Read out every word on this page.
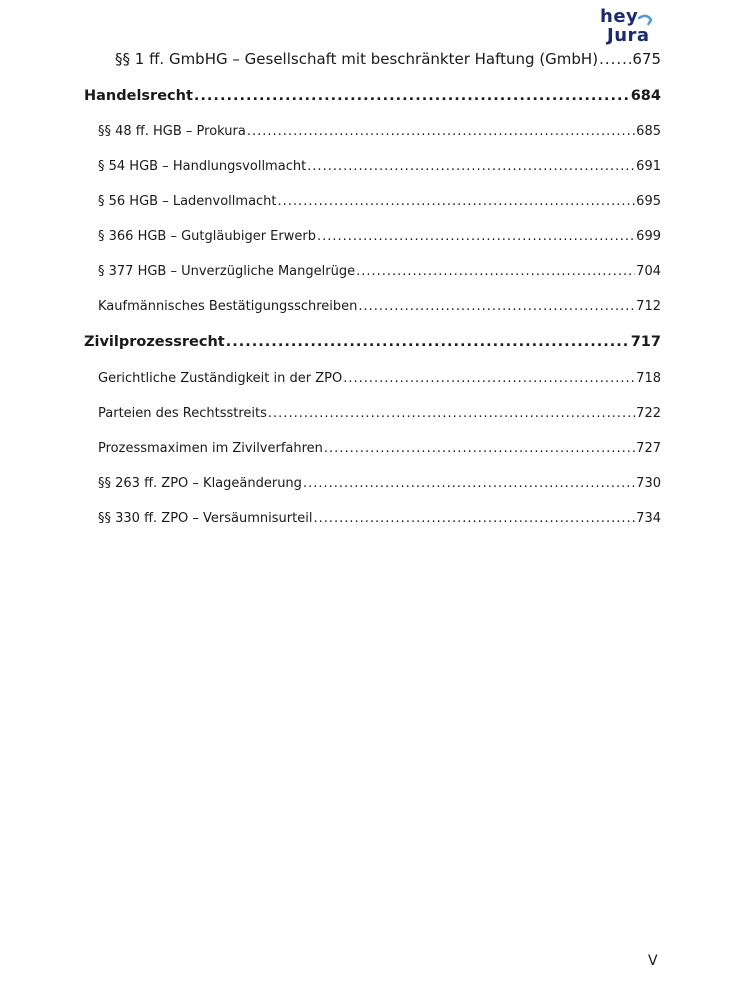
hey
Jura
§§ 1 ff. GmbHG – Gesellschaft mit beschränkter Haftung (GmbH) ..... 675
Handelsrecht .....	684
§§ 48 ff. HGB – Prokura .....	685
§ 54 HGB – Handlungsvollmacht .....	691
§ 56 HGB – Ladenvollmacht .....	695
§ 366 HGB – Gutgläubiger Erwerb .....	699
§ 377 HGB – Unverzügliche Mangelrüge .....	704
Kaufmännisches Bestätigungsschreiben .....	712
Zivilprozessrecht .....	717
Gerichtliche Zuständigkeit in der ZPO .....	718
Parteien des Rechtsstreits .....	722
Prozessmaximen im Zivilverfahren .....	727
§§ 263 ff. ZPO – Klageänderung .....	730
§§ 330 ff. ZPO – Versäumnisurteil .....	734
V
